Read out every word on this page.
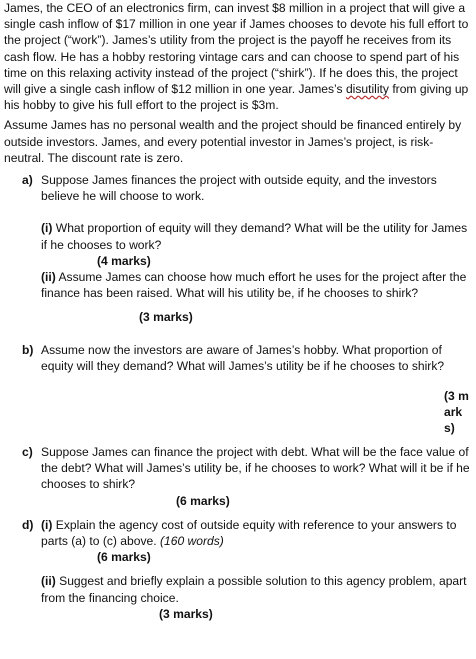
James, the CEO of an electronics firm, can invest $8 million in a project that will give a single cash inflow of $17 million in one year if James chooses to devote his full effort to the project (“work”). James’s utility from the project is the payoff he receives from its cash flow. He has a hobby restoring vintage cars and can choose to spend part of his time on this relaxing activity instead of the project (“shirk”). If he does this, the project will give a single cash inflow of $12 million in one year. James’s disutility from giving up his hobby to give his full effort to the project is $3m.

Assume James has no personal wealth and the project should be financed entirely by outside investors. James, and every potential investor in James’s project, is risk-neutral. The discount rate is zero.

a) Suppose James finances the project with outside equity, and the investors believe he will choose to work.

(i) What proportion of equity will they demand? What will be the utility for James if he chooses to work?

(4 marks)

(ii) Assume James can choose how much effort he uses for the project after the finance has been raised. What will his utility be, if he chooses to shirk?

(3 marks)

b) Assume now the investors are aware of James’s hobby. What proportion of equity will they demand? What will James’s utility be if he chooses to shirk?

(3 marks)
c) Suppose James can finance the project with debt. What will be the face value of the debt? What will James’s utility be, if he chooses to work? What will it be if he chooses to shirk?

(6 marks)

d) (i) Explain the agency cost of outside equity with reference to your answers to parts (a) to (c) above. (160 words)

(6 marks)

(ii) Suggest and briefly explain a possible solution to this agency problem, apart from the financing choice.

(3 marks)
